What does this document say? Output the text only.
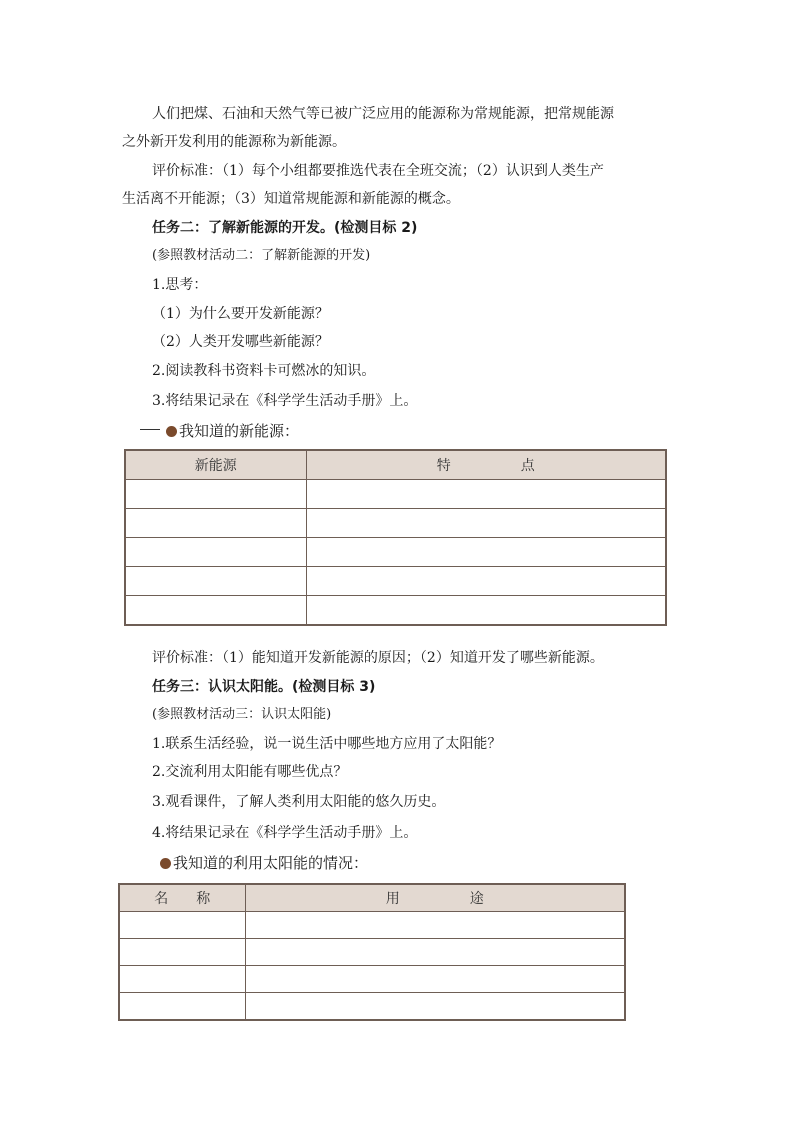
人们把煤、石油和天然气等已被广泛应用的能源称为常规能源，把常规能源
之外新开发利用的能源称为新能源。
评价标准：（1）每个小组都要推选代表在全班交流；（2）认识到人类生产
生活离不开能源；（3）知道常规能源和新能源的概念。
任务二：了解新能源的开发。(检测目标 2)
(参照教材活动二：了解新能源的开发)
1.思考：
（1）为什么要开发新能源？
（2）人类开发哪些新能源？
2.阅读教科书资料卡可燃冰的知识。
3.将结果记录在《科学学生活动手册》上。
我知道的新能源：
新能源	特　　　　　点

评价标准：（1）能知道开发新能源的原因；（2）知道开发了哪些新能源。
任务三：认识太阳能。(检测目标 3)
(参照教材活动三：认识太阳能)
1.联系生活经验，说一说生活中哪些地方应用了太阳能？
2.交流利用太阳能有哪些优点？
3.观看课件，了解人类利用太阳能的悠久历史。
4.将结果记录在《科学学生活动手册》上。
我知道的利用太阳能的情况：
名　　称	用　　　　　途
